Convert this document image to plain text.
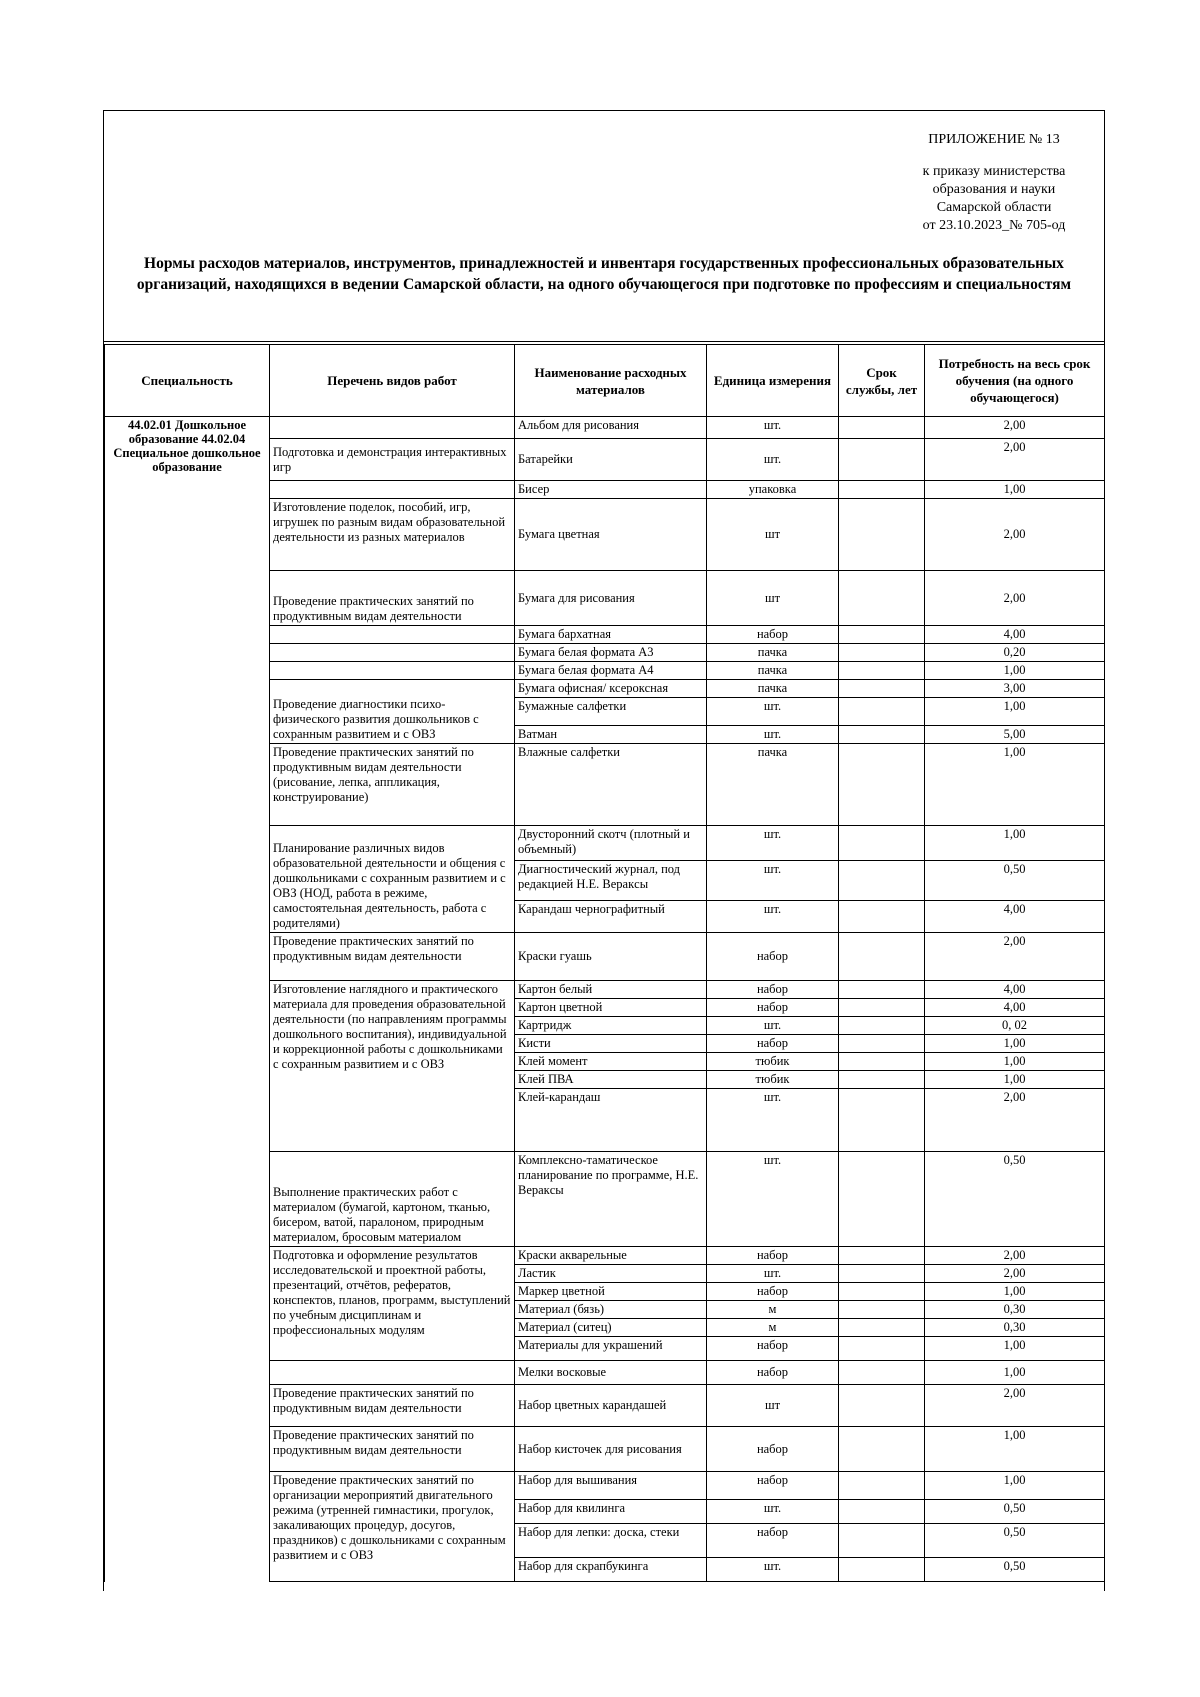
ПРИЛОЖЕНИЕ № 13
к приказу министерства
образования и науки
Самарской области
от 23.10.2023_№ 705-од
Нормы расходов материалов, инструментов, принадлежностей и инвентаря государственных профессиональных образовательных организаций, находящихся в ведении Самарской области, на одного обучающегося при подготовке по профессиям и специальностям
Специальность	Перечень видов работ	Наименование расходных материалов	Единица измерения	Срок службы, лет	Потребность на весь срок обучения (на одного обучающегося)
44.02.01 Дошкольное образование 44.02.04 Специальное дошкольное образование		Альбом для рисования	шт.		2,00
	Подготовка и демонстрация интерактивных игр	Батарейки	шт.		2,00
		Бисер	упаковка		1,00
	Изготовление поделок, пособий, игр, игрушек по разным видам образовательной деятельности из разных материалов	Бумага цветная	шт		2,00
	Проведение практических занятий по продуктивным видам деятельности	Бумага для рисования	шт		2,00
		Бумага бархатная	набор		4,00
		Бумага белая формата А3	пачка		0,20
		Бумага белая формата А4	пачка		1,00
	Проведение диагностики психо-физического развития дошкольников с сохранным развитием и с ОВЗ	Бумага офисная/ ксероксная	пачка		3,00
		Бумажные салфетки	шт.		1,00
		Ватман	шт.		5,00
	Проведение практических занятий по продуктивным видам деятельности (рисование, лепка, аппликация, конструирование)	Влажные салфетки	пачка		1,00
	Планирование различных видов образовательной деятельности и общения с дошкольниками с сохранным развитием и с ОВЗ (НОД, работа в режиме, самостоятельная деятельность, работа с родителями)	Двусторонний скотч (плотный и объемный)	шт.		1,00
		Диагностический журнал, под редакцией Н.Е. Веракcы	шт.		0,50
		Карандаш чернографитный	шт.		4,00
	Проведение практических занятий по продуктивным видам деятельности	Краски гуашь	набор		2,00
	Изготовление наглядного и практического материала для проведения образовательной деятельности (по направлениям программы дошкольного воспитания), индивидуальной и коррекционной работы с дошкольниками с сохранным развитием и с ОВЗ	Картон белый	набор		4,00
		Картон цветной	набор		4,00
		Картридж	шт.		0, 02
		Кисти	набор		1,00
		Клей момент	тюбик		1,00
		Клей ПВА	тюбик		1,00
		Клей-карандаш	шт.		2,00
	Выполнение практических работ с материалом (бумагой, картоном, тканью, бисером, ватой, паралоном, природным материалом, бросовым материалом	Комплекснo-таматическое планирование по программе, Н.Е. Веракcы	шт.		0,50
	Подготовка и оформление результатов исследовательской и проектной работы, презентаций, отчётов, рефератов, конспектов, планов, программ, выступлений по учебным дисциплинам и профессиональных модулям	Краски акварельные	набор		2,00
		Ластик	шт.		2,00
		Маркер цветной	набор		1,00
		Материал (бязь)	м		0,30
		Материал (ситец)	м		0,30
		Материалы для украшений	набор		1,00
		Мелки восковые	набор		1,00
	Проведение практических занятий по продуктивным видам деятельности	Набор цветных карандашей	шт		2,00
	Проведение практических занятий по продуктивным видам деятельности	Набор кисточек для рисования	набор		1,00
	Проведение практических занятий по организации мероприятий двигательного режима (утренней гимнастики, прогулок, закаливающих процедур, досугов, праздников) с дошкольниками с сохранным развитием и с ОВЗ	Набор для вышивания	набор		1,00
		Набор для квилинга	шт.		0,50
		Набор для лепки: доска, стеки	набор		0,50
		Набор для скрапбукинга	шт.		0,50
